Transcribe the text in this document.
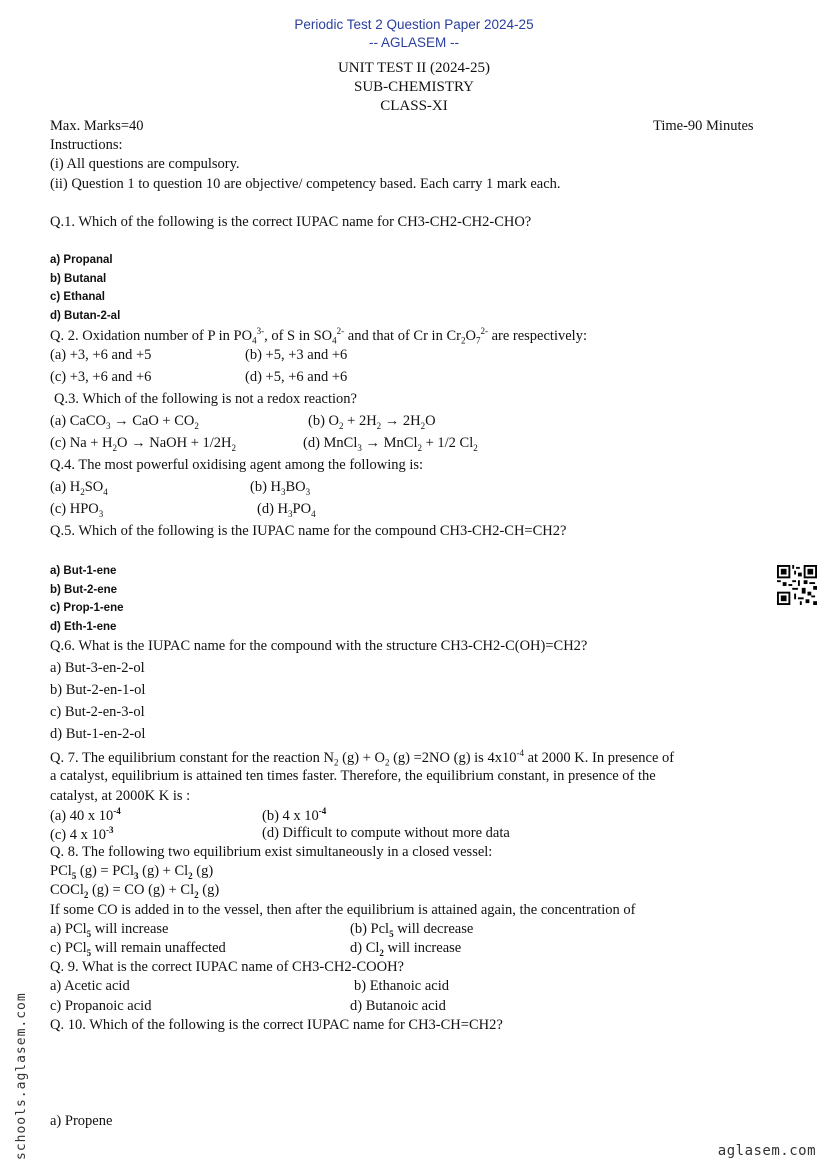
Periodic Test 2 Question Paper 2024-25
-- AGLASEM --
UNIT TEST II (2024-25)
SUB-CHEMISTRY
CLASS-XI
Max. Marks=40	Time-90 Minutes
Instructions:
(i) All questions are compulsory.
(ii) Question 1 to question 10 are objective/ competency based. Each carry 1 mark each.
Q.1. Which of the following is the correct IUPAC name for CH3-CH2-CH2-CHO?
a) Propanal
b) Butanal
c) Ethanal
d) Butan-2-al
Q. 2. Oxidation number of P in $PO_4^{3-}$, of S in $SO_4^{2-}$ and that of Cr in $Cr_2O_7^{2-}$ are respectively:
(a) +3, +6 and +5	(b) +5, +3 and +6
(c) +3, +6 and +6	(d) +5, +6 and +6
Q.3. Which of the following is not a redox reaction?
(a) CaCO$_3$ → CaO + $CO_2$	(b) $O_2 + 2H_2 \to 2H_2O$
(c) $Na + H_2O$ → NaOH + $1/2H_2$	(d) MnCl$_3$ → MnCl$_2$ + 1/2 $Cl_2$
Q.4. The most powerful oxidising agent among the following is:
(a) $H_2SO_4$	(b) $H_3BO_3$
(c) $HPO_3$	(d) $H_3PO_4$
Q.5. Which of the following is the IUPAC name for the compound CH3-CH2-CH=CH2?
a) But-1-ene
b) But-2-ene
c) Prop-1-ene
d) Eth-1-ene
Q.6. What is the IUPAC name for the compound with the structure CH3-CH2-C(OH)=CH2?
a) But-3-en-2-ol
b) But-2-en-1-ol
c) But-2-en-3-ol
d) But-1-en-2-ol
Q. 7. The equilibrium constant for the reaction $N_2$ $(g) + O_2$ (g) =2NO (g) is $4x10^{-4}$ at 2000 K. In presence of
a catalyst, equilibrium is attained ten times faster. Therefore, the equilibrium constant, in presence of the
catalyst, at 2000K K is :
(a) 40 x $10^{-4}$	(b) 4 x $10^{-4}$
(c) 4 x $10^{-3}$	(d) Difficult to compute without more data
Q. 8. The following two equilibrium exist simultaneously in a closed vessel:
PCl$_5$ (g) = PCl$_3$ $(g) + Cl_2$ (g)
COCl$_2$ (g) = CO $(g) + Cl_2$ (g)
If some CO is added in to the vessel, then after the equilibrium is attained again, the concentration of
a) PCl$_5$ will increase	(b) Pcl$_5$ will decrease
c) PCl$_5$ will remain unaffected	d) $Cl_2$ will increase
Q. 9. What is the correct IUPAC name of CH3-CH2-COOH?
a) Acetic acid	b) Ethanoic acid
c) Propanoic acid	d) Butanoic acid
Q. 10. Which of the following is the correct IUPAC name for CH3-CH=CH2?
a) Propene
schools.aglasem.com	aglasem.com
